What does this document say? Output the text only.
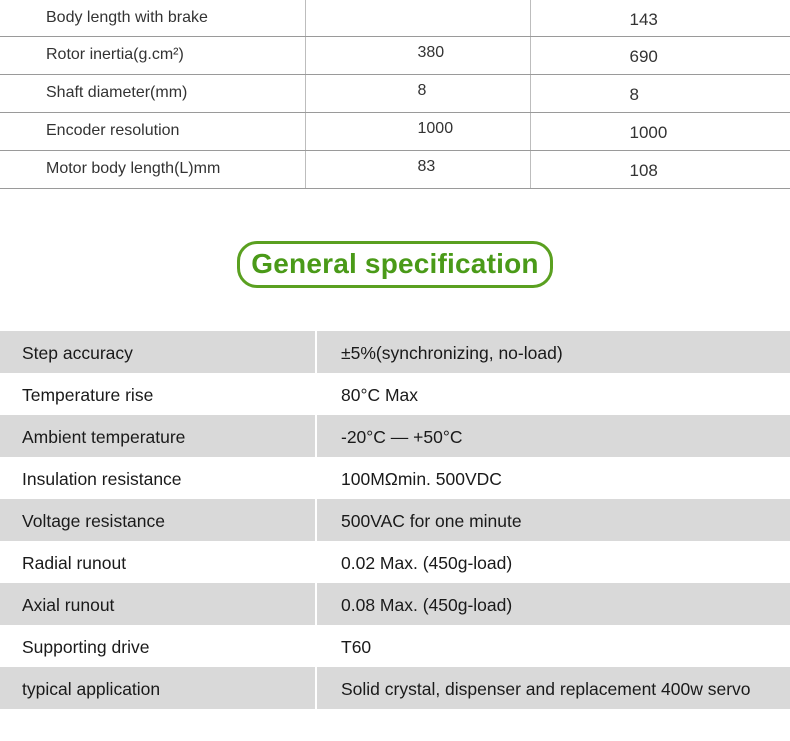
Body length with brake		143
Rotor inertia(g.cm²)	380	690
Shaft diameter(mm)	8	8
Encoder resolution	1000	1000
Motor body length(L)mm	83	108
General specification
Step accuracy	±5%(synchronizing, no-load)
Temperature rise	80°C Max
Ambient temperature	-20°C — +50°C
Insulation resistance	100MΩmin. 500VDC
Voltage resistance	500VAC for one minute
Radial runout	0.02 Max. (450g-load)
Axial runout	0.08 Max. (450g-load)
Supporting drive	T60
typical application	Solid crystal, dispenser and replacement 400w servo
